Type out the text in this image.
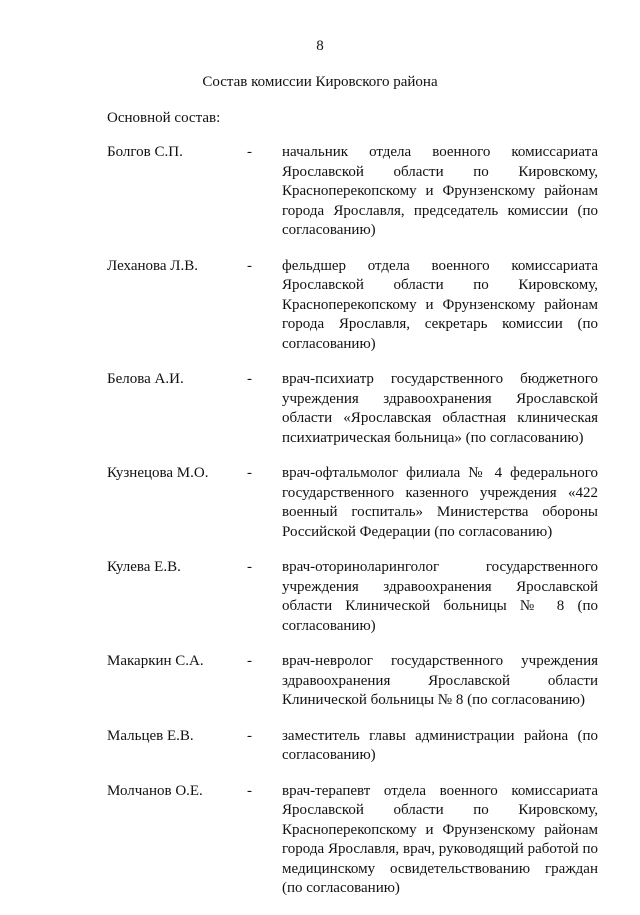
8
Состав комиссии Кировского района
Основной состав:
Болгов С.П.	-	начальник отдела военного комиссариата Ярославской области по Кировскому, Красноперекопскому и Фрунзенскому районам города Ярославля, председатель комиссии (по согласованию)
Леханова Л.В.	-	фельдшер отдела военного комиссариата Ярославской области по Кировскому, Красноперекопскому и Фрунзенскому районам города Ярославля, секретарь комиссии (по согласованию)
Белова А.И.	-	врач-психиатр государственного бюджетного учреждения здравоохранения Ярославской области «Ярославская областная клиническая психиатрическая больница» (по согласованию)
Кузнецова М.О.	-	врач-офтальмолог филиала № 4 федерального государственного казенного учреждения «422 военный госпиталь» Министерства обороны Российской Федерации (по согласованию)
Кулева Е.В.	-	врач-оториноларинголог государственного учреждения здравоохранения Ярославской области Клинической больницы № 8 (по согласованию)
Макаркин С.А.	-	врач-невролог государственного учреждения здравоохранения Ярославской области Клинической больницы № 8 (по согласованию)
Мальцев Е.В.	-	заместитель главы администрации района (по согласованию)
Молчанов О.Е.	-	врач-терапевт отдела военного комиссариата Ярославской области по Кировскому, Красноперекопскому и Фрунзенскому районам города Ярославля, врач, руководящий работой по медицинскому освидетельствованию граждан (по согласованию)
